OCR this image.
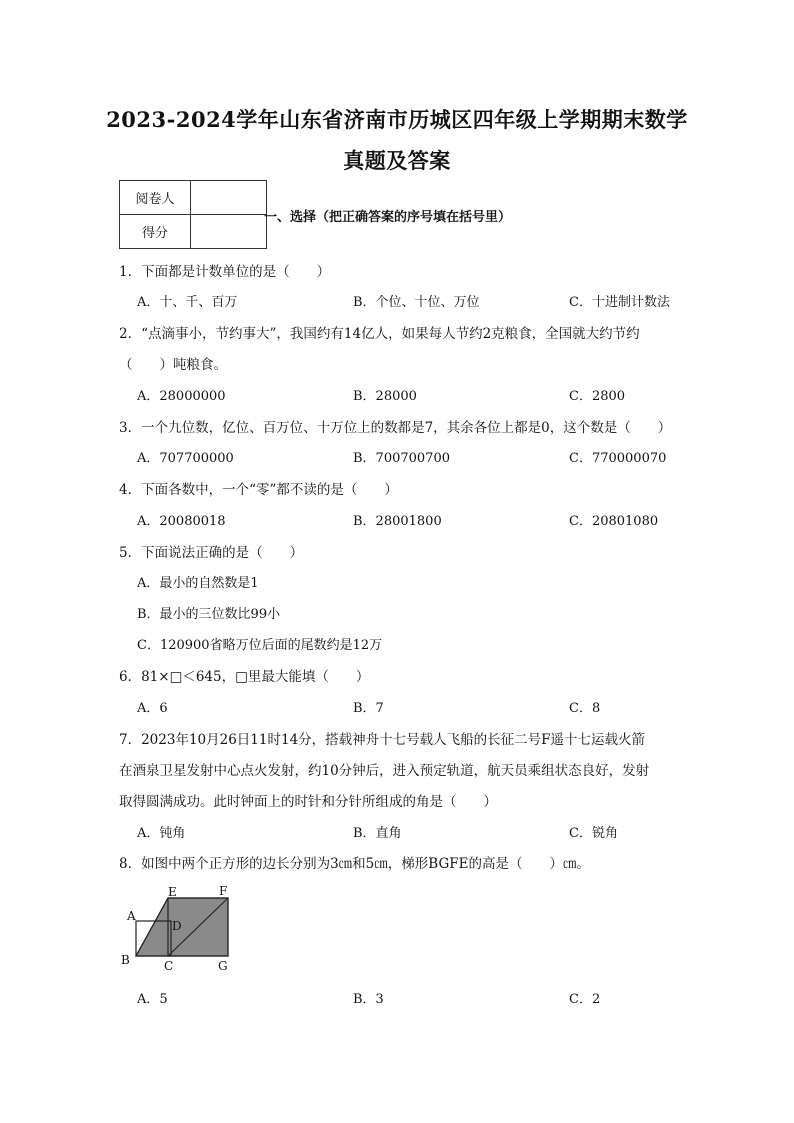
2023-2024学年山东省济南市历城区四年级上学期期末数学
真题及答案
阅卷人	
得分	
一、选择（把正确答案的序号填在括号里）
1．下面都是计数单位的是（　　）
A．十、千、百万	B．个位、十位、万位	C．十进制计数法
2．“点滴事小，节约事大”，我国约有14亿人，如果每人节约2克粮食，全国就大约节约
（　　）吨粮食。
A．28000000	B．28000	C．2800
3．一个九位数，亿位、百万位、十万位上的数都是7，其余各位上都是0，这个数是（　　）
A．707700000	B．700700700	C．770000070
4．下面各数中，一个“零”都不读的是（　　）
A．20080018	B．28001800	C．20801080
5．下面说法正确的是（　　）
A．最小的自然数是1
B．最小的三位数比99小
C．120900省略万位后面的尾数约是12万
6．81×□＜645，□里最大能填（　　）
A．6	B．7	C．8
7．2023年10月26日11时14分，搭载神舟十七号载人飞船的长征二号F遥十七运载火箭
在酒泉卫星发射中心点火发射，约10分钟后，进入预定轨道，航天员乘组状态良好，发射
取得圆满成功。此时钟面上的时针和分针所组成的角是（　　）
A．钝角	B．直角	C．锐角
8．如图中两个正方形的边长分别为3㎝和5㎝，梯形BGFE的高是（　　）㎝。
A
B	C
D
E	F
G
A．5	B．3	C．2
